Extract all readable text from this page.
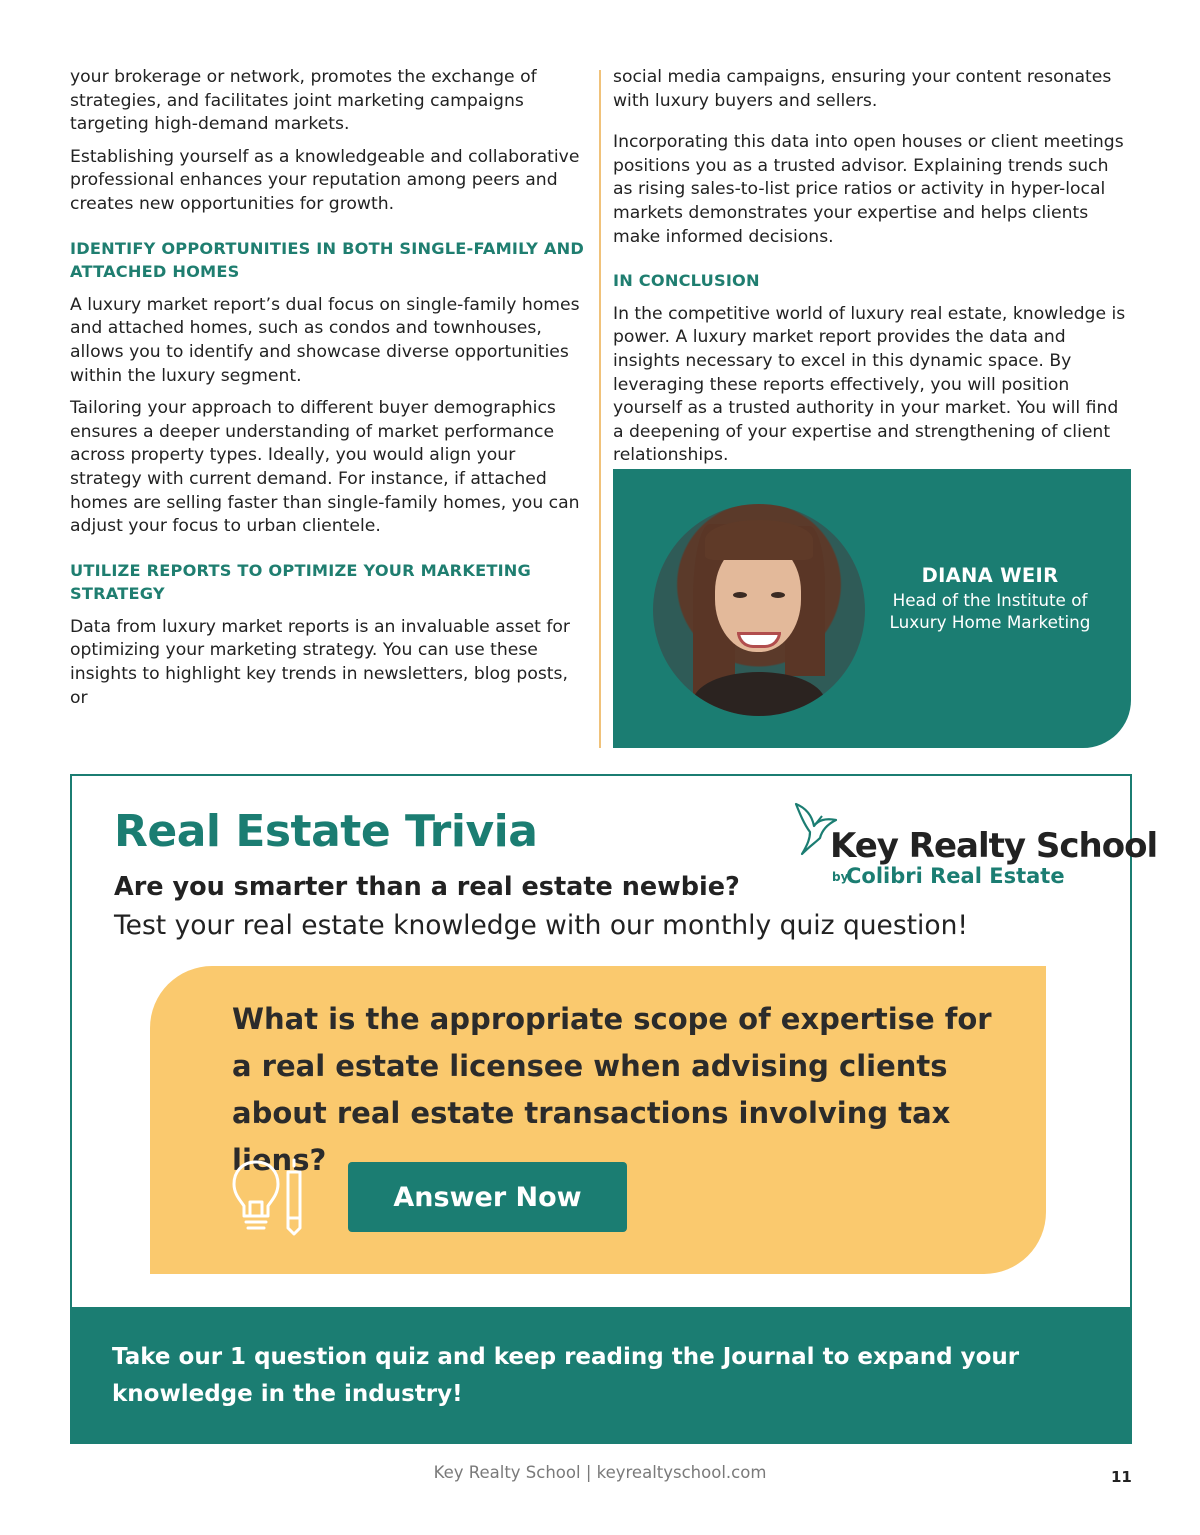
your brokerage or network, promotes the exchange of strategies, and facilitates joint marketing campaigns targeting high-demand markets.

Establishing yourself as a knowledgeable and collaborative professional enhances your reputation among peers and creates new opportunities for growth.

IDENTIFY OPPORTUNITIES IN BOTH SINGLE-FAMILY AND ATTACHED HOMES

A luxury market report’s dual focus on single-family homes and attached homes, such as condos and townhouses, allows you to identify and showcase diverse opportunities within the luxury segment.

Tailoring your approach to different buyer demographics ensures a deeper understanding of market performance across property types. Ideally, you would align your strategy with current demand. For instance, if attached homes are selling faster than single-family homes, you can adjust your focus to urban clientele.

UTILIZE REPORTS TO OPTIMIZE YOUR MARKETING STRATEGY

Data from luxury market reports is an invaluable asset for optimizing your marketing strategy. You can use these insights to highlight key trends in newsletters, blog posts, or

social media campaigns, ensuring your content resonates with luxury buyers and sellers.

Incorporating this data into open houses or client meetings positions you as a trusted advisor. Explaining trends such as rising sales-to-list price ratios or activity in hyper-local markets demonstrates your expertise and helps clients make informed decisions.

IN CONCLUSION

In the competitive world of luxury real estate, knowledge is power. A luxury market report provides the data and insights necessary to excel in this dynamic space. By leveraging these reports effectively, you will position yourself as a trusted authority in your market. You will find a deepening of your expertise and strengthening of client relationships.

DIANA WEIR
Head of the Institute of Luxury Home Marketing
Real Estate Trivia
Are you smarter than a real estate newbie?
Test your real estate knowledge with our monthly quiz question!
Key Realty School
by
Colibri Real Estate
What is the appropriate scope of expertise for a real estate licensee when advising clients about real estate transactions involving tax liens?
Answer Now
Take our 1 question quiz and keep reading the Journal to expand your knowledge in the industry!
Key Realty School | keyrealtyschool.com	11
